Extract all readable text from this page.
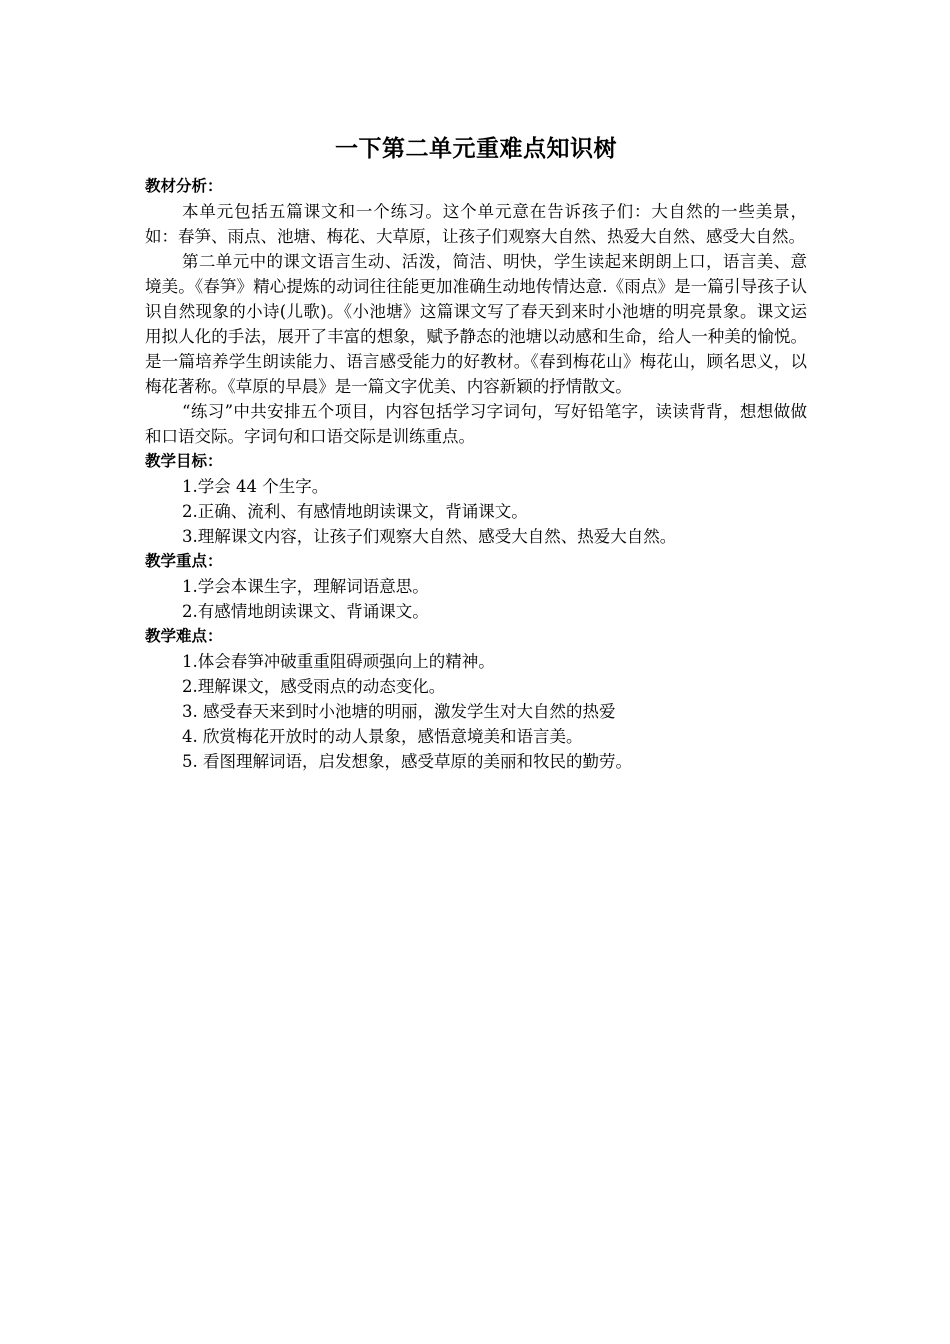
一下第二单元重难点知识树

教材分析：

本单元包括五篇课文和一个练习。这个单元意在告诉孩子们：大自然的一些美景，如：春笋、雨点、池塘、梅花、大草原，让孩子们观察大自然、热爱大自然、感受大自然。

第二单元中的课文语言生动、活泼，简洁、明快，学生读起来朗朗上口，语言美、意境美。《春笋》精心提炼的动词往往能更加准确生动地传情达意.《雨点》是一篇引导孩子认识自然现象的小诗(儿歌)。《小池塘》这篇课文写了春天到来时小池塘的明亮景象。课文运用拟人化的手法，展开了丰富的想象，赋予静态的池塘以动感和生命，给人一种美的愉悦。是一篇培养学生朗读能力、语言感受能力的好教材。《春到梅花山》梅花山，顾名思义，以梅花著称。《草原的早晨》是一篇文字优美、内容新颖的抒情散文。

“练习”中共安排五个项目，内容包括学习字词句，写好铅笔字，读读背背，想想做做和口语交际。字词句和口语交际是训练重点。

教学目标：

1.学会 44 个生字。

2.正确、流利、有感情地朗读课文，背诵课文。

3.理解课文内容，让孩子们观察大自然、感受大自然、热爱大自然。

教学重点：

1.学会本课生字，理解词语意思。

2.有感情地朗读课文、背诵课文。

教学难点：

1.体会春笋冲破重重阻碍顽强向上的精神。

2.理解课文，感受雨点的动态变化。

3. 感受春天来到时小池塘的明丽，激发学生对大自然的热爱

4. 欣赏梅花开放时的动人景象，感悟意境美和语言美。

5. 看图理解词语，启发想象，感受草原的美丽和牧民的勤劳。
